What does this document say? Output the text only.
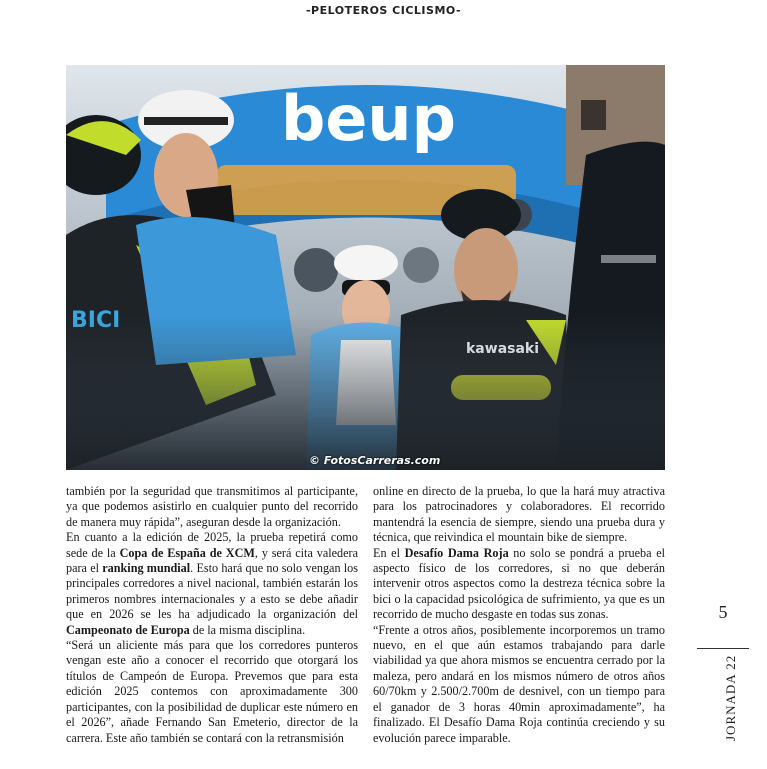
-PELOTEROS CICLISMO-
beup
© FotosCarreras.com

también por la seguridad que transmitimos al participante, ya que podemos asistirlo en cualquier punto del recorrido de manera muy rápida”, aseguran desde la organización.

En cuanto a la edición de 2025, la prueba repetirá como sede de la Copa de España de XCM, y será cita valedera para el ranking mundial. Esto hará que no solo vengan los principales corredores a nivel nacional, también estarán los primeros nombres internacionales y a esto se debe añadir que en 2026 se les ha adjudicado la organización del Campeonato de Europa de la misma disciplina.

“Será un aliciente más para que los corredores punteros vengan este año a conocer el recorrido que otorgará los títulos de Campeón de Europa. Prevemos que para esta edición 2025 contemos con aproximadamente 300 participantes, con la posibilidad de duplicar este número en el 2026”, añade Fernando San Emeterio, director de la carrera. Este año también se contará con la retransmisión

online en directo de la prueba, lo que la hará muy atractiva para los patrocinadores y colaboradores. El recorrido mantendrá la esencia de siempre, siendo una prueba dura y técnica, que reivindica el mountain bike de siempre.

En el Desafío Dama Roja no solo se pondrá a prueba el aspecto físico de los corredores, si no que deberán intervenir otros aspectos como la destreza técnica sobre la bici o la capacidad psicológica de sufrimiento, ya que es un recorrido de mucho desgaste en todas sus zonas.

“Frente a otros años, posiblemente incorporemos un tramo nuevo, en el que aún estamos trabajando para darle viabilidad ya que ahora mismos se encuentra cerrado por la maleza, pero andará en los mismos número de otros años 60/70km y 2.500/2.700m de desnivel, con un tiempo para el ganador de 3 horas 40min aproximadamente”, ha finalizado. El Desafío Dama Roja continúa creciendo y su evolución parece imparable.

5
JORNADA 22
